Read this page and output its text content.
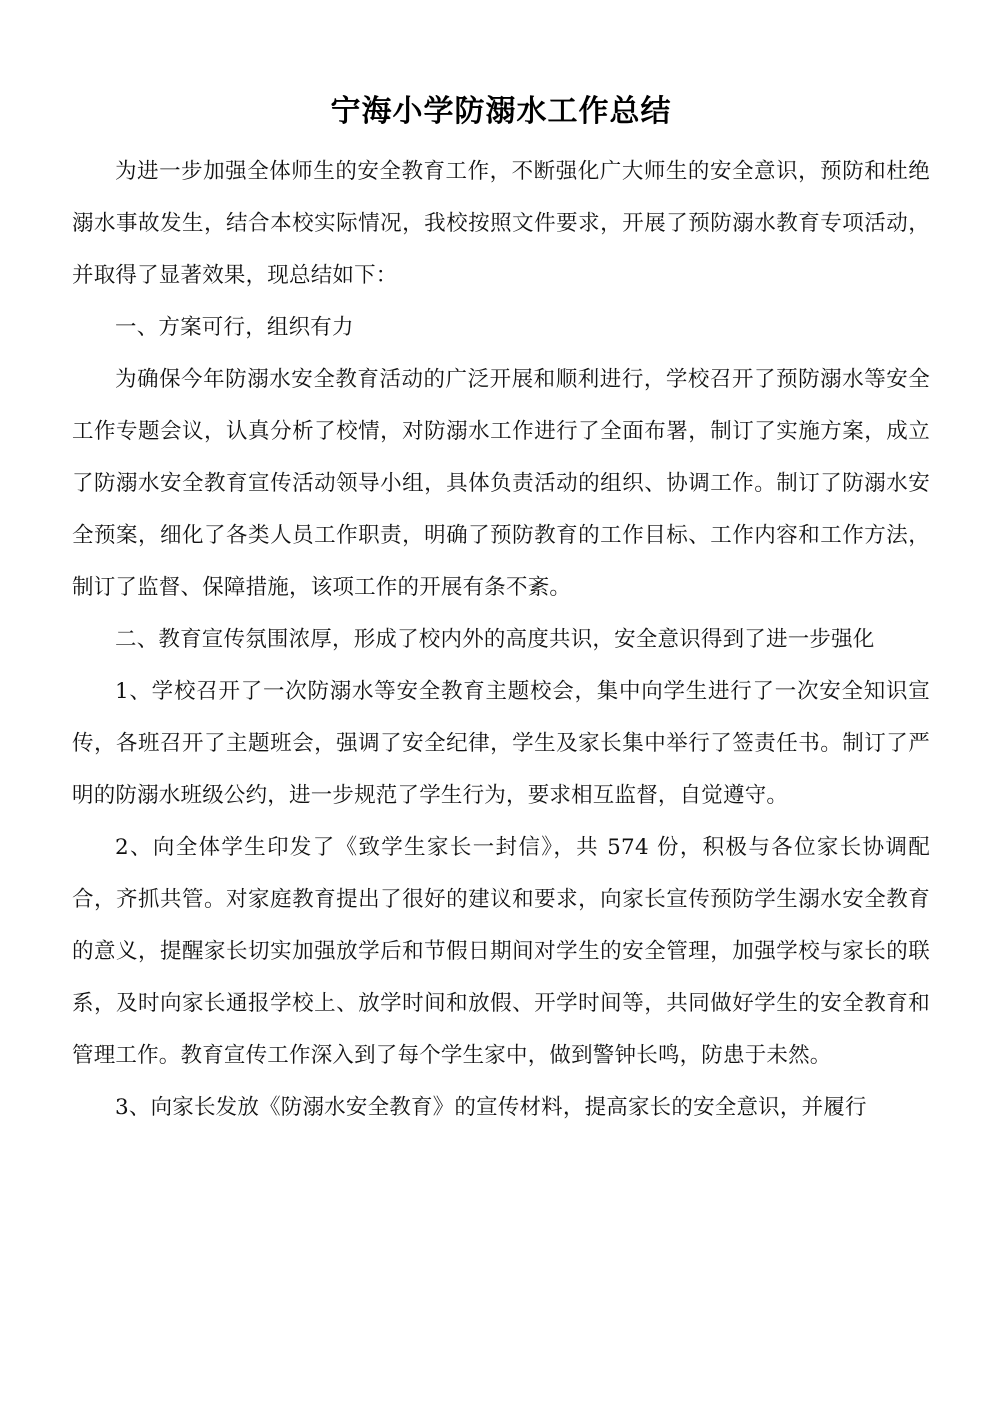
宁海小学防溺水工作总结

为进一步加强全体师生的安全教育工作，不断强化广大师生的安全意识，预防和杜绝溺水事故发生，结合本校实际情况，我校按照文件要求，开展了预防溺水教育专项活动，并取得了显著效果，现总结如下：

一、方案可行，组织有力

为确保今年防溺水安全教育活动的广泛开展和顺利进行，学校召开了预防溺水等安全工作专题会议，认真分析了校情，对防溺水工作进行了全面布署，制订了实施方案，成立了防溺水安全教育宣传活动领导小组，具体负责活动的组织、协调工作。制订了防溺水安全预案，细化了各类人员工作职责，明确了预防教育的工作目标、工作内容和工作方法，制订了监督、保障措施，该项工作的开展有条不紊。

二、教育宣传氛围浓厚，形成了校内外的高度共识，安全意识得到了进一步强化

1、学校召开了一次防溺水等安全教育主题校会，集中向学生进行了一次安全知识宣传，各班召开了主题班会，强调了安全纪律，学生及家长集中举行了签责任书。制订了严明的防溺水班级公约，进一步规范了学生行为，要求相互监督，自觉遵守。

2、向全体学生印发了《致学生家长一封信》，共 574 份，积极与各位家长协调配合，齐抓共管。对家庭教育提出了很好的建议和要求，向家长宣传预防学生溺水安全教育的意义，提醒家长切实加强放学后和节假日期间对学生的安全管理，加强学校与家长的联系，及时向家长通报学校上、放学时间和放假、开学时间等，共同做好学生的安全教育和管理工作。教育宣传工作深入到了每个学生家中，做到警钟长鸣，防患于未然。

3、向家长发放《防溺水安全教育》的宣传材料，提高家长的安全意识，并履行
